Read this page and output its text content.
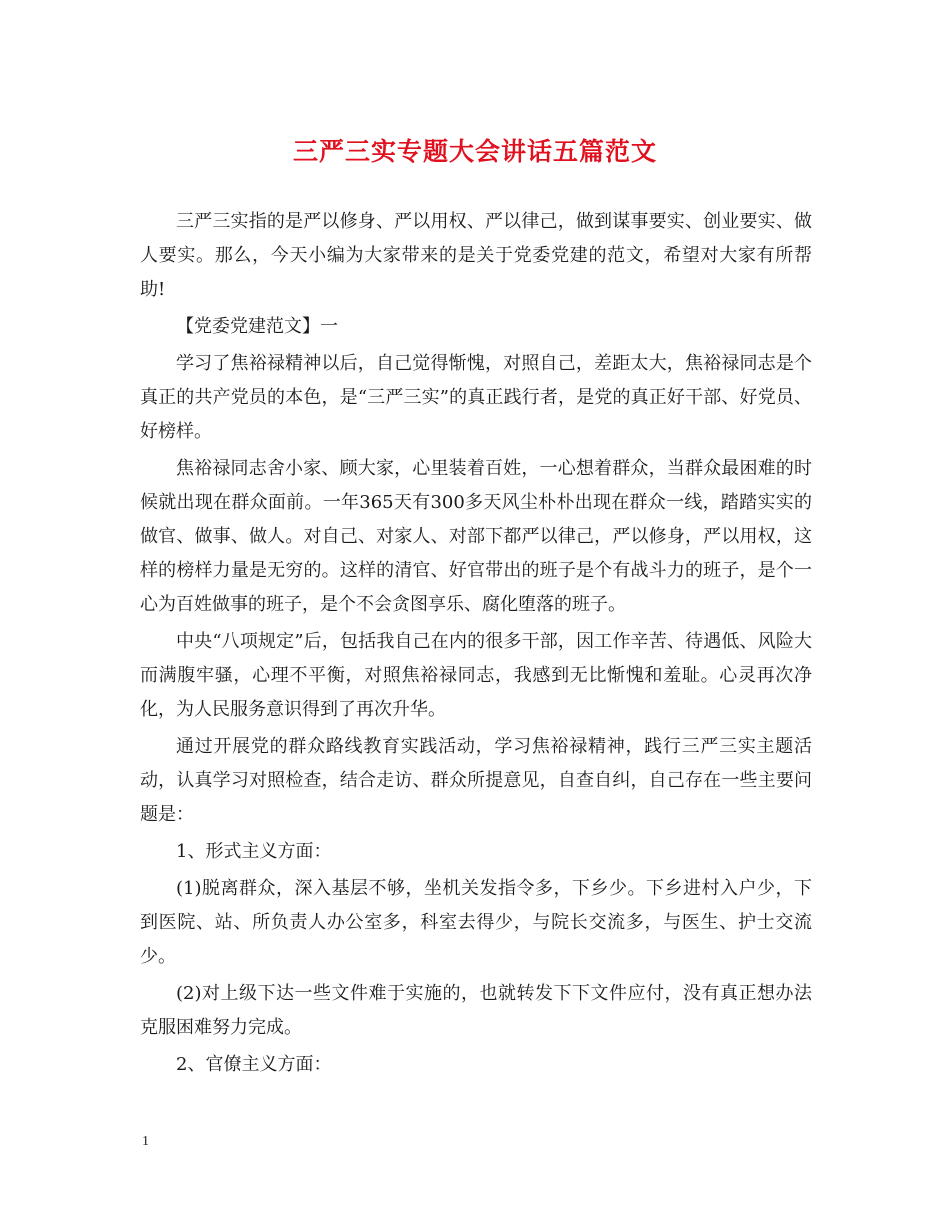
三严三实专题大会讲话五篇范文

三严三实指的是严以修身、严以用权、严以律己，做到谋事要实、创业要实、做人要实。那么，今天小编为大家带来的是关于党委党建的范文，希望对大家有所帮助!

【党委党建范文】一

学习了焦裕禄精神以后，自己觉得惭愧，对照自己，差距太大，焦裕禄同志是个真正的共产党员的本色，是“三严三实”的真正践行者，是党的真正好干部、好党员、好榜样。

焦裕禄同志舍小家、顾大家，心里装着百姓，一心想着群众，当群众最困难的时候就出现在群众面前。一年365天有300多天风尘朴朴出现在群众一线，踏踏实实的做官、做事、做人。对自己、对家人、对部下都严以律己，严以修身，严以用权，这样的榜样力量是无穷的。这样的清官、好官带出的班子是个有战斗力的班子，是个一心为百姓做事的班子，是个不会贪图享乐、腐化堕落的班子。

中央“八项规定”后，包括我自己在内的很多干部，因工作辛苦、待遇低、风险大而满腹牢骚，心理不平衡，对照焦裕禄同志，我感到无比惭愧和羞耻。心灵再次净化，为人民服务意识得到了再次升华。

通过开展党的群众路线教育实践活动，学习焦裕禄精神，践行三严三实主题活动，认真学习对照检查，结合走访、群众所提意见，自查自纠，自己存在一些主要问题是：

1、形式主义方面：

(1)脱离群众，深入基层不够，坐机关发指令多，下乡少。下乡进村入户少，下到医院、站、所负责人办公室多，科室去得少，与院长交流多，与医生、护士交流少。

(2)对上级下达一些文件难于实施的，也就转发下下文件应付，没有真正想办法克服困难努力完成。

2、官僚主义方面：

1
